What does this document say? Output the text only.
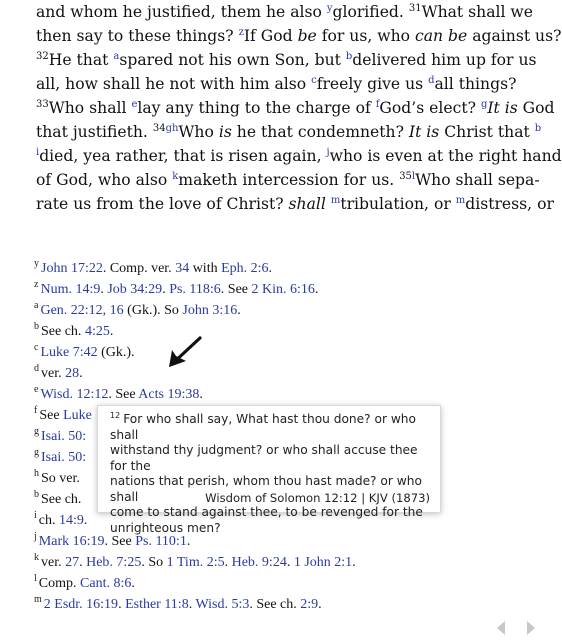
and whom he justified, them he also $^y$glorified. $^{31}$What shall we
then say to these things? $^z$If God be for us, who can be against us?
$^{32}$He that $^a$spared not his own Son, but $^b$delivered him up for us
all, how shall he not with him also $^c$freely give us $^d$all things?
$^{33}$Who shall $^e$lay any thing to the charge of $^f$God’s elect? $^g$It is God
that justifieth. $^{34gh}$Who is he that condemneth? It is Christ that $^b$
$^i$died, yea rather, that is risen again, $^j$who is even at the right hand
of God, who also $^k$maketh intercession for us. $^{35l}$Who shall sepa-
rate us from the love of Christ? shall $^m$tribulation, or $^m$distress, or
$^y$ John 17:22. Comp. ver. 34 with Eph. 2:6.
$^z$ Num. 14:9. Job 34:29. Ps. 118:6. See 2 Kin. 6:16.
$^a$ Gen. 22:12, 16 (Gk.). So John 3:16.
$^b$ See ch. 4:25.
$^c$ Luke 7:42 (Gk.).
$^d$ ver. 28.
$^e$ Wisd. 12:12. See Acts 19:38.
$^f$ See Luke
$^g$ Isai. 50:
$^g$ Isai. 50:
$^h$ So ver.
$^b$ See ch.
$^i$ ch. 14:9.
$^j$ Mark 16:19. See Ps. 110:1.
$^k$ ver. 27. Heb. 7:25. So 1 Tim. 2:5. Heb. 9:24. 1 John 2:1.
$^l$ Comp. Cant. 8:6.
$^m$ 2 Esdr. 16:19. Esther 11:8. Wisd. 5:3. See ch. 2:9.
$^{12}$ For who shall say, What hast thou done? or who shall
withstand thy judgment? or who shall accuse thee for the
nations that perish, whom thou hast made? or who shall
come to stand against thee, to be revenged for the
unrighteous men?
Wisdom of Solomon 12:12 | KJV (1873)
